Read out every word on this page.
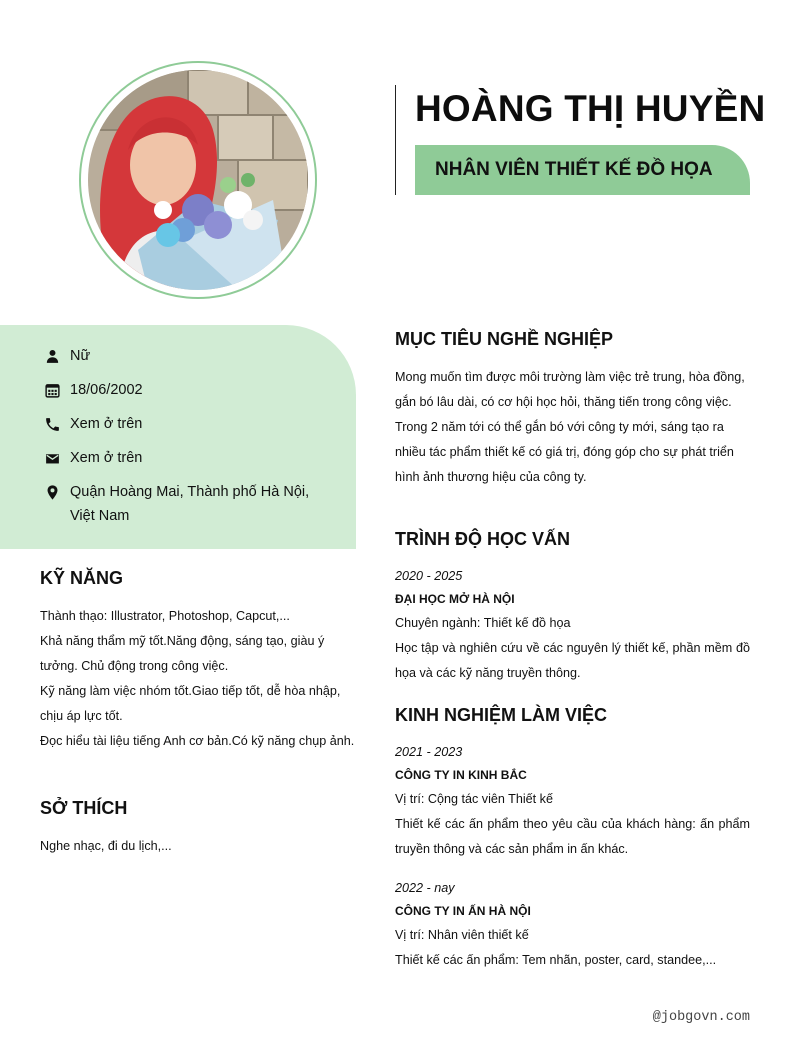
HOÀNG THỊ HUYỀN
NHÂN VIÊN THIẾT KẾ ĐỒ HỌA
Nữ
18/06/2002
Xem ở trên
Xem ở trên
Quận Hoàng Mai, Thành phố Hà Nội, Việt Nam
KỸ NĂNG

Thành thạo: Illustrator, Photoshop, Capcut,...

Khả năng thẩm mỹ tốt.Năng động, sáng tạo, giàu ý tưởng. Chủ động trong công việc.

Kỹ năng làm việc nhóm tốt.Giao tiếp tốt, dễ hòa nhập, chịu áp lực tốt.

Đọc hiểu tài liệu tiếng Anh cơ bản.Có kỹ năng chụp ảnh.

SỞ THÍCH
Nghe nhạc, đi du lịch,...
MỤC TIÊU NGHỀ NGHIỆP
Mong muốn tìm được môi trường làm việc trẻ trung, hòa đồng, gắn bó lâu dài, có cơ hội học hỏi, thăng tiến trong công việc. Trong 2 năm tới có thể gắn bó với công ty mới, sáng tạo ra nhiều tác phẩm thiết kế có giá trị, đóng góp cho sự phát triển hình ảnh thương hiệu của công ty.
TRÌNH ĐỘ HỌC VẤN
2020 - 2025
ĐẠI HỌC MỞ HÀ NỘI
Chuyên ngành: Thiết kế đồ họa
Học tập và nghiên cứu về các nguyên lý thiết kế, phần mềm đồ họa và các kỹ năng truyền thông.
KINH NGHIỆM LÀM VIỆC
2021 - 2023
CÔNG TY IN KINH BẮC
Vị trí: Cộng tác viên Thiết kế
Thiết kế các ấn phẩm theo yêu cầu của khách hàng: ấn phẩm truyền thông và các sản phẩm in ấn khác.
2022 - nay
CÔNG TY IN ẤN HÀ NỘI
Vị trí: Nhân viên thiết kế
Thiết kế các ấn phẩm: Tem nhãn, poster, card, standee,...
@jobgovn.com
